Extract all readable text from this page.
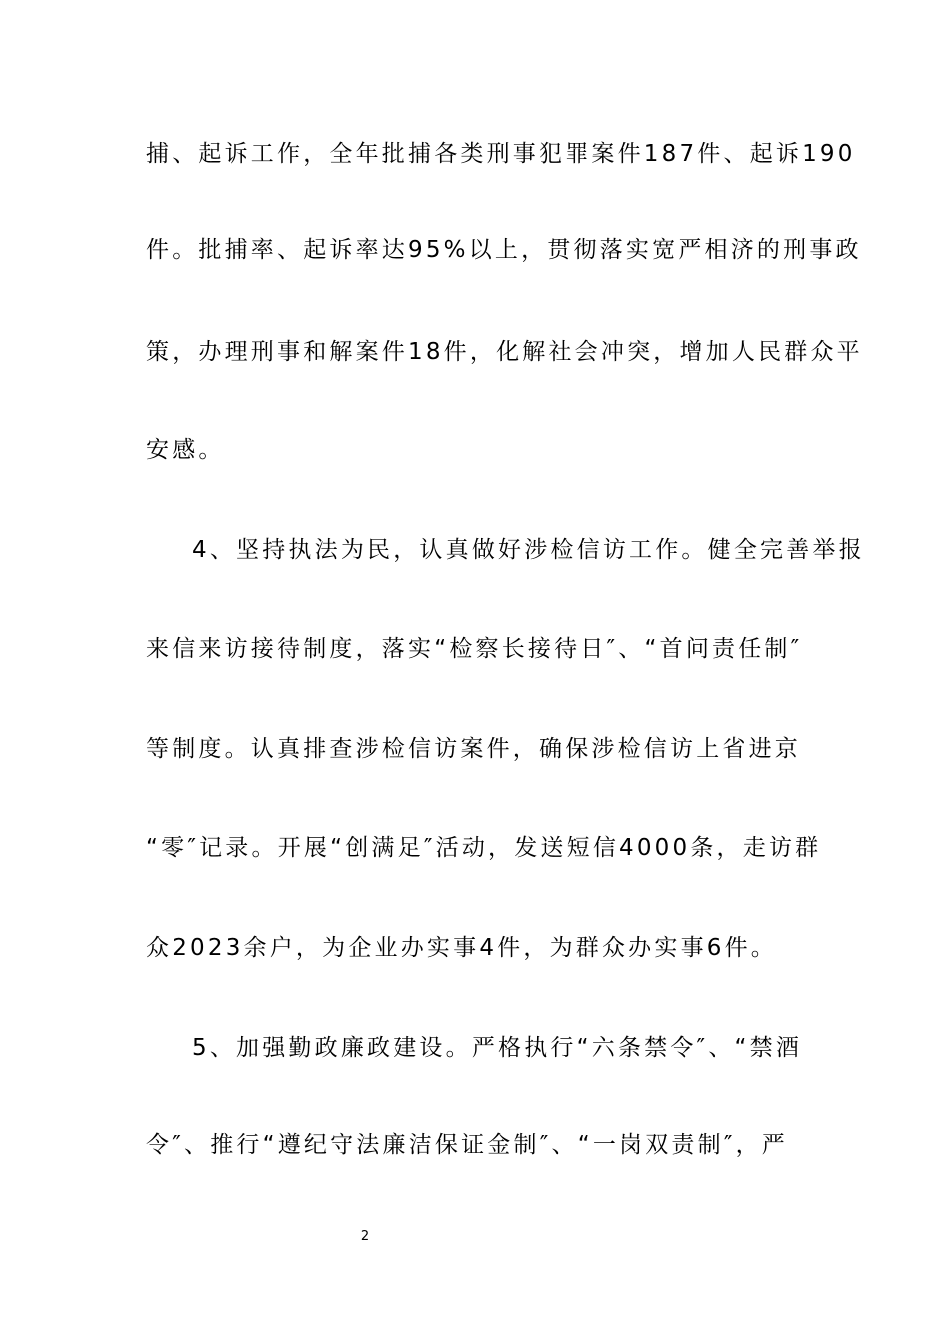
捕、起诉工作，全年批捕各类刑事犯罪案件187件、起诉190
件。批捕率、起诉率达95%以上，贯彻落实宽严相济的刑事政
策，办理刑事和解案件18件，化解社会冲突，增加人民群众平
安感。
4、坚持执法为民，认真做好涉检信访工作。健全完善举报
来信来访接待制度，落实“检察长接待日″、“首问责任制″
等制度。认真排查涉检信访案件，确保涉检信访上省进京
“零″记录。开展“创满足″活动，发送短信4000条，走访群
众2023余户，为企业办实事4件，为群众办实事6件。
5、加强勤政廉政建设。严格执行“六条禁令″、“禁酒
令″、推行“遵纪守法廉洁保证金制″、“一岗双责制″，严
2
